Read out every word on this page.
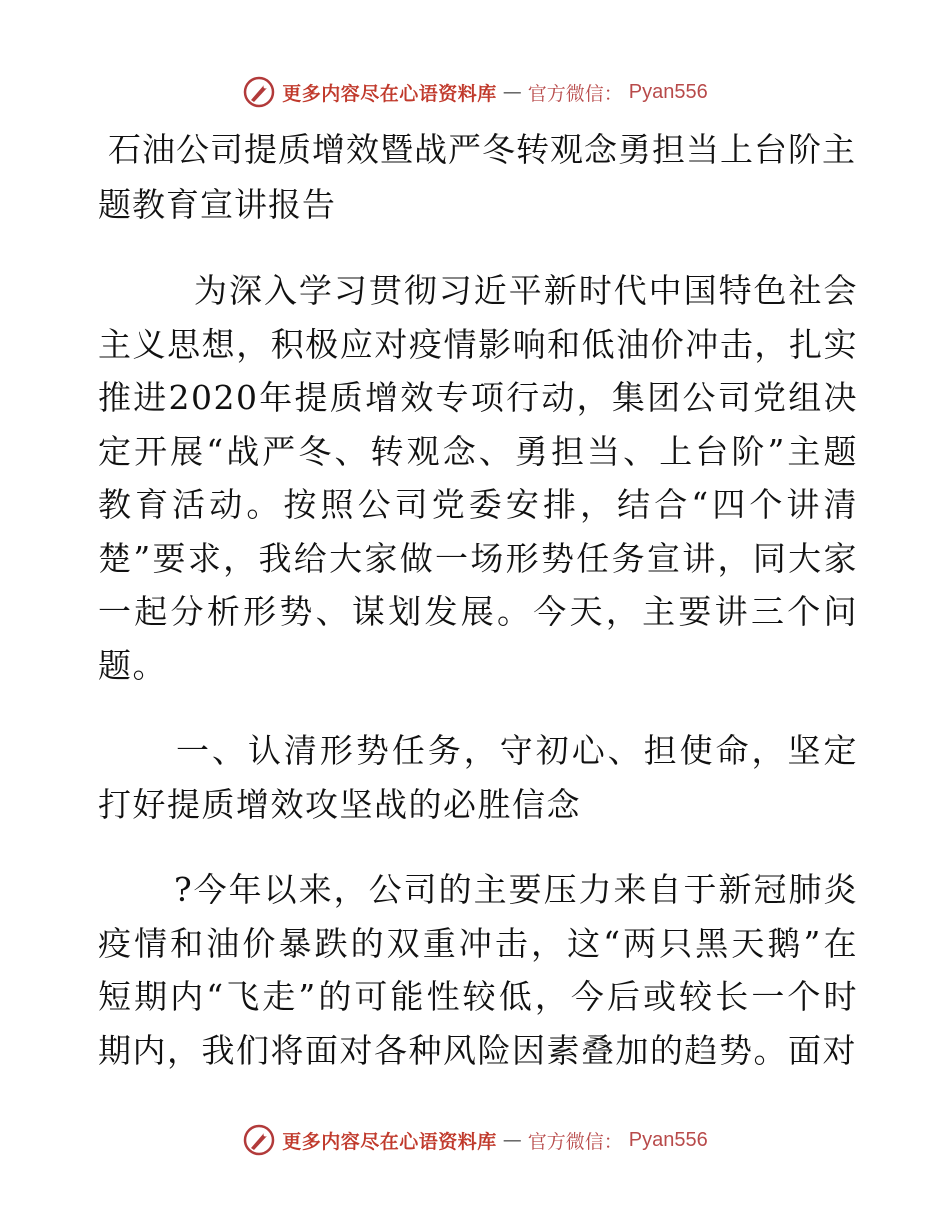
更多内容尽在心语资料库 — 官方微信： Pyan556
石油公司提质增效暨战严冬转观念勇担当上台阶主题教育宣讲报告

为深入学习贯彻习近平新时代中国特色社会主义思想，积极应对疫情影响和低油价冲击，扎实推进2020年提质增效专项行动，集团公司党组决定开展“战严冬、转观念、勇担当、上台阶”主题教育活动。按照公司党委安排，结合“四个讲清楚”要求，我给大家做一场形势任务宣讲，同大家一起分析形势、谋划发展。今天，主要讲三个问题。

一、认清形势任务，守初心、担使命，坚定打好提质增效攻坚战的必胜信念

?今年以来，公司的主要压力来自于新冠肺炎疫情和油价暴跌的双重冲击，这“两只黑天鹅”在短期内“飞走”的可能性较低，今后或较长一个时期内，我们将面对各种风险因素叠加的趋势。面对

更多内容尽在心语资料库 — 官方微信： Pyan556
